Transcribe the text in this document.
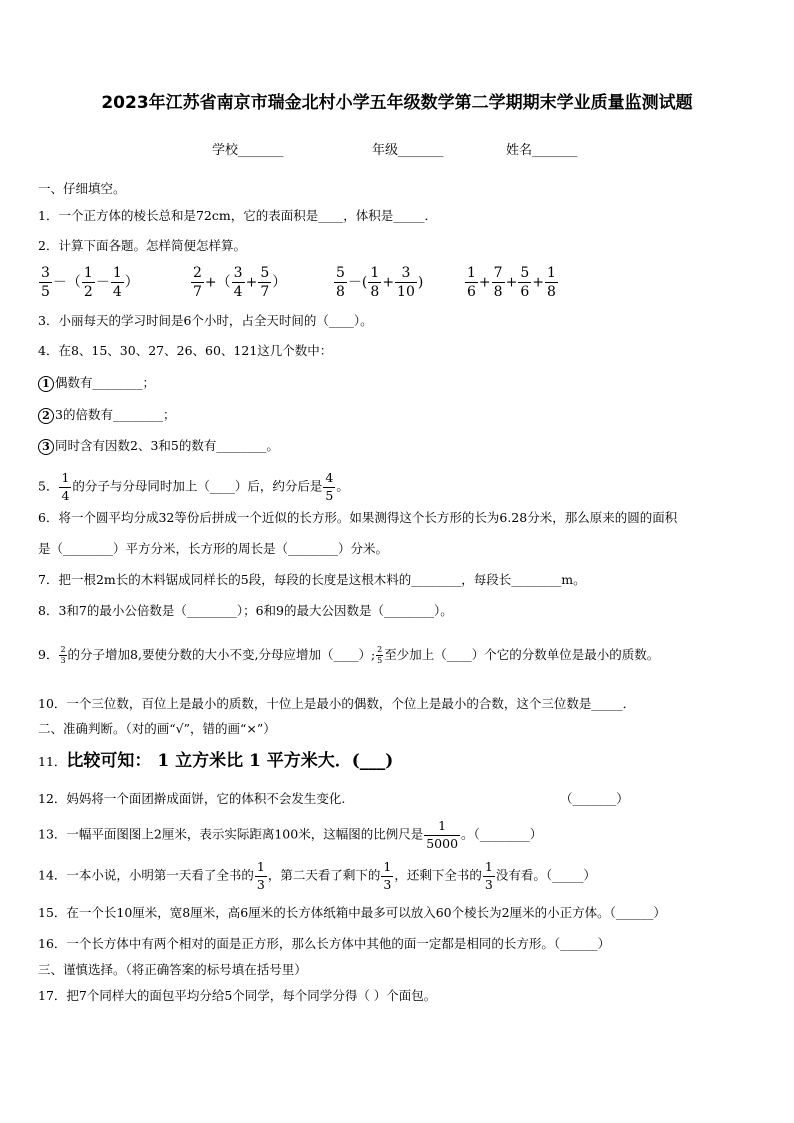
2023年江苏省南京市瑞金北村小学五年级数学第二学期期末学业质量监测试题
学校_______	年级_______	姓名_______
一、仔细填空。
1．一个正方体的棱长总和是72cm，它的表面积是____，体积是_____．
2．计算下面各题。怎样简便怎样算。
$\frac{3}{5}$ －（ $\frac{1}{2} - \frac{1}{4}$ ）	$\frac{2}{7}$ +（ $\frac{3}{4} + \frac{5}{7}$ ）	$\frac{5}{8}$ －( $\frac{1}{8} + \frac{3}{10}$ )	$\frac{1}{6} + \frac{7}{8} + \frac{5}{6} + \frac{1}{8}$
3．小丽每天的学习时间是6个小时，占全天时间的（____）。
4．在8、15、30、27、26、60、121这几个数中：
1 偶数有________；
2 3的倍数有________；
3 同时含有因数2、3和5的数有________。
5． $\frac{1}{4}$ 的分子与分母同时加上（____）后，约分后是 $\frac{4}{5}$ 。
6．将一个圆平均分成32等份后拼成一个近似的长方形。如果测得这个长方形的长为6.28分米，那么原来的圆的面积
是（________）平方分米，长方形的周长是（________）分米。
7．把一根2m长的木料锯成同样长的5段，每段的长度是这根木料的________，每段长________m。
8．3和7的最小公倍数是（________）；6和9的最大公因数是（________）。
9． $\frac{2}{3}$ 的分子增加8,要使分数的大小不变,分母应增加（____）; $\frac{2}{5}$ 至少加上（____）个它的分数单位是最小的质数。
10．一个三位数，百位上是最小的质数，十位上是最小的偶数，个位上是最小的合数，这个三位数是_____．
二、准确判断。（对的画“√”，错的画“×”）
11．比较可知： 1 立方米比 1 平方米大．(___)
12．妈妈将一个面团擀成面饼，它的体积不会发生变化.	（_______）
13．一幅平面图图上2厘米，表示实际距离100米，这幅图的比例尺是 $\frac{1}{5000}$ 。（________）
14．一本小说，小明第一天看了全书的 $\frac{1}{3}$ ，第二天看了剩下的 $\frac{1}{3}$ ，还剩下全书的 $\frac{1}{3}$ 没有看。（_____）
15．在一个长10厘米，宽8厘米，高6厘米的长方体纸箱中最多可以放入60个棱长为2厘米的小正方体。（______）
16．一个长方体中有两个相对的面是正方形，那么长方体中其他的面一定都是相同的长方形。（______）
三、谨慎选择。（将正确答案的标号填在括号里）
17．把7个同样大的面包平均分给5个同学，每个同学分得（ ）个面包。
